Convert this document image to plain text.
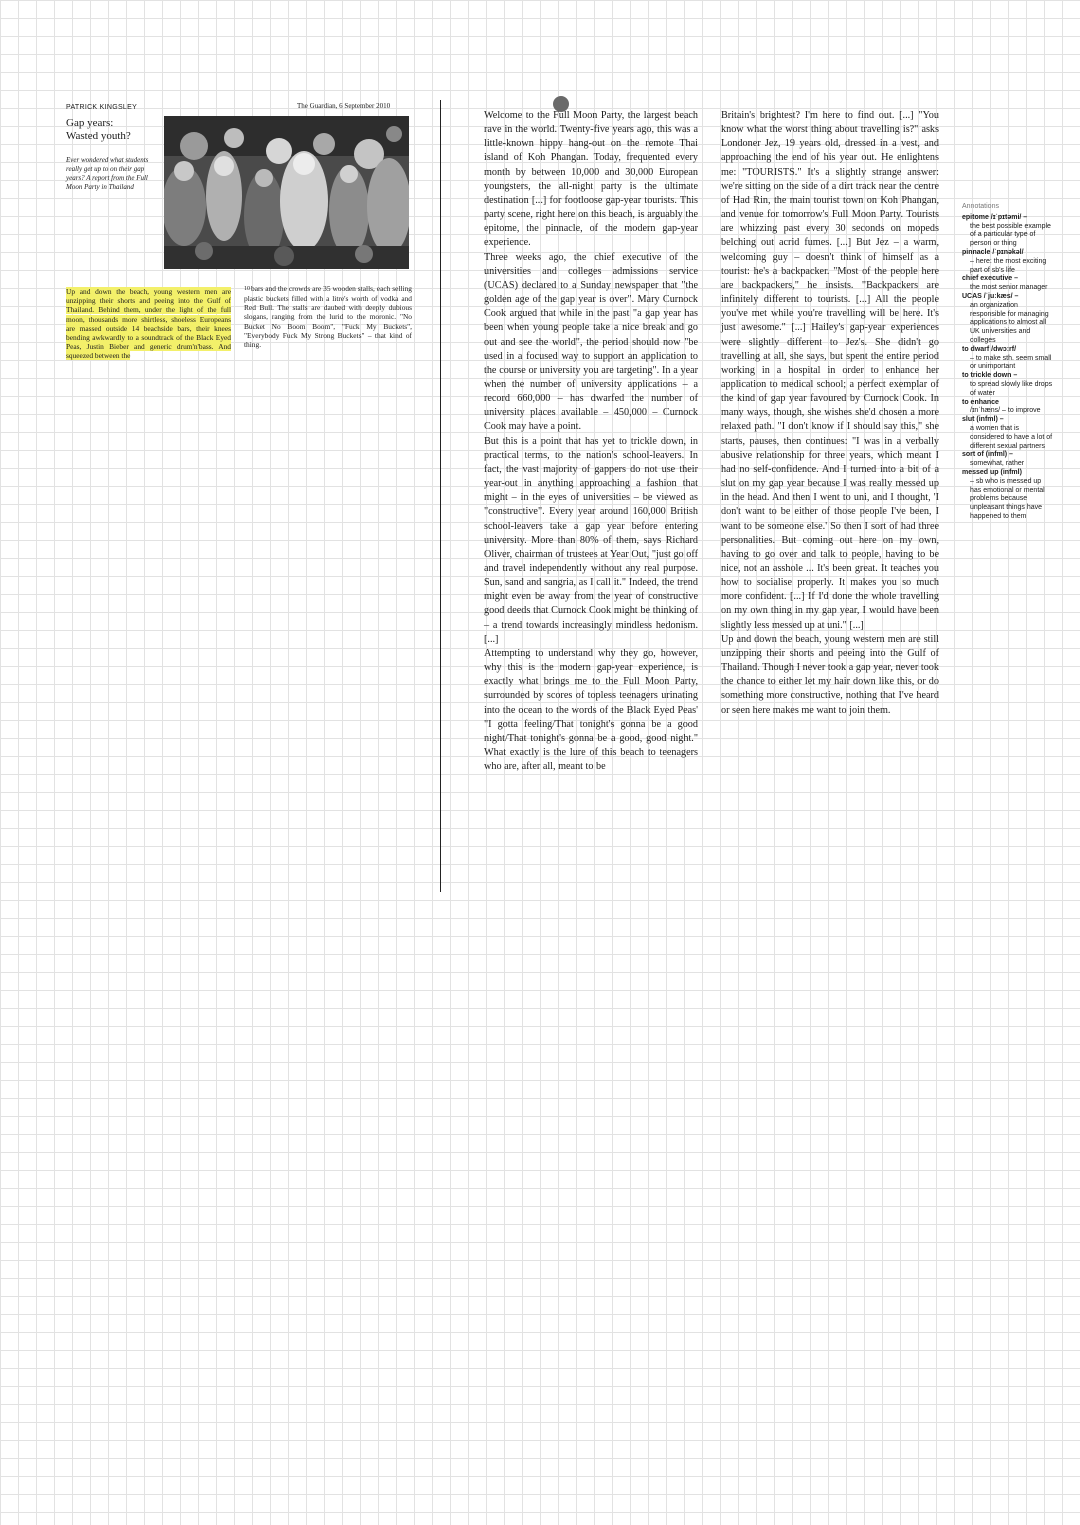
PATRICK KINGSLEY	The Guardian, 6 September 2010
Gap years:
Wasted youth?
Ever wondered what students really get up to on their gap years? A report from the Full Moon Party in Thailand
Up and down the beach, young western men are unzipping their shorts and peeing into the Gulf of Thailand. Behind them, under the light of the full moon, thousands more shirtless, shoeless Europeans are massed outside 14 beachside bars, their knees bending awkwardly to a soundtrack of the Black Eyed Peas, Justin Bieber and generic drum'n'bass. And squeezed between the
10bars and the crowds are 35 wooden stalls, each selling plastic buckets filled with a litre's worth of vodka and Red Bull. The stalls are daubed with deeply dubious slogans, ranging from the lurid to the moronic. "No Bucket No Boom Boom", "Fuck My Buckets", "Everybody Fuck My Strong Buckets" – that kind of thing.

Welcome to the Full Moon Party, the largest beach rave in the world. Twenty-five years ago, this was a little-known hippy hang-out on the remote Thai island of Koh Phangan. Today, frequented every month by between 10,000 and 30,000 European youngsters, the all-night party is the ultimate destination [...] for footloose gap-year tourists. This party scene, right here on this beach, is arguably the epitome, the pinnacle, of the modern gap-year experience.

Three weeks ago, the chief executive of the universities and colleges admissions service (UCAS) declared to a Sunday newspaper that "the golden age of the gap year is over". Mary Curnock Cook argued that while in the past "a gap year has been when young people take a nice break and go out and see the world", the period should now "be used in a focused way to support an application to the course or university you are targeting". In a year when the number of university applications – a record 660,000 – has dwarfed the number of university places available – 450,000 – Curnock Cook may have a point.

But this is a point that has yet to trickle down, in practical terms, to the nation's school-leavers. In fact, the vast majority of gappers do not use their year-out in anything approaching a fashion that might – in the eyes of universities – be viewed as "constructive". Every year around 160,000 British school-leavers take a gap year before entering university. More than 80% of them, says Richard Oliver, chairman of trustees at Year Out, "just go off and travel independently without any real purpose. Sun, sand and sangria, as I call it." Indeed, the trend might even be away from the year of constructive good deeds that Curnock Cook might be thinking of – a trend towards increasingly mindless hedonism. [...]

Attempting to understand why they go, however, why this is the modern gap-year experience, is exactly what brings me to the Full Moon Party, surrounded by scores of topless teenagers urinating into the ocean to the words of the Black Eyed Peas' "I gotta feeling/That tonight's gonna be a good night/That tonight's gonna be a good, good night." What exactly is the lure of this beach to teenagers who are, after all, meant to be

Britain's brightest? I'm here to find out. [...] "You know what the worst thing about travelling is?" asks Londoner Jez, 19 years old, dressed in a vest, and approaching the end of his year out. He enlightens me: "TOURISTS." It's a slightly strange answer: we're sitting on the side of a dirt track near the centre of Had Rin, the main tourist town on Koh Phangan, and venue for tomorrow's Full Moon Party. Tourists are whizzing past every 30 seconds on mopeds belching out acrid fumes. [...] But Jez – a warm, welcoming guy – doesn't think of himself as a tourist: he's a backpacker. "Most of the people here are backpackers," he insists. "Backpackers are infinitely different to tourists. [...] All the people you've met while you're travelling will be here. It's just awesome." [...] Hailey's gap-year experiences were slightly different to Jez's. She didn't go travelling at all, she says, but spent the entire period working in a hospital in order to enhance her application to medical school; a perfect exemplar of the kind of gap year favoured by Curnock Cook. In many ways, though, she wishes she'd chosen a more relaxed path. "I don't know if I should say this," she starts, pauses, then continues: "I was in a verbally abusive relationship for three years, which meant I had no self-confidence. And I turned into a bit of a slut on my gap year because I was really messed up in the head. And then I went to uni, and I thought, 'I don't want to be either of those people I've been, I want to be someone else.' So then I sort of had three personalities. But coming out here on my own, having to go over and talk to people, having to be nice, not an asshole ... It's been great. It teaches you how to socialise properly. It makes you so much more confident. [...] If I'd done the whole travelling on my own thing in my gap year, I would have been slightly less messed up at uni." [...]

Up and down the beach, young western men are still unzipping their shorts and peeing into the Gulf of Thailand. Though I never took a gap year, never took the chance to either let my hair down like this, or do something more constructive, nothing that I've heard or seen here makes me want to join them.

Annotations
epitome /ɪˈpɪtəmi/ –
the best possible example of a particular type of person or thing
pinnacle /ˈpɪnəkəl/
– here: the most exciting part of sb's life
chief executive –
the most senior manager
UCAS /ˈjuːkæs/ –
an organization responsible for managing applications to almost all UK universities and colleges
to dwarf /dwɔːrf/
– to make sth. seem small or unimportant
to trickle down –
to spread slowly like drops of water
to enhance
/ɪnˈhæns/ – to improve
slut (infml) –
a women that is considered to have a lot of different sexual partners
sort of (infml) –
somewhat, rather
messed up (infml)
– sb who is messed up has emotional or mental problems because unpleasant things have happened to them
